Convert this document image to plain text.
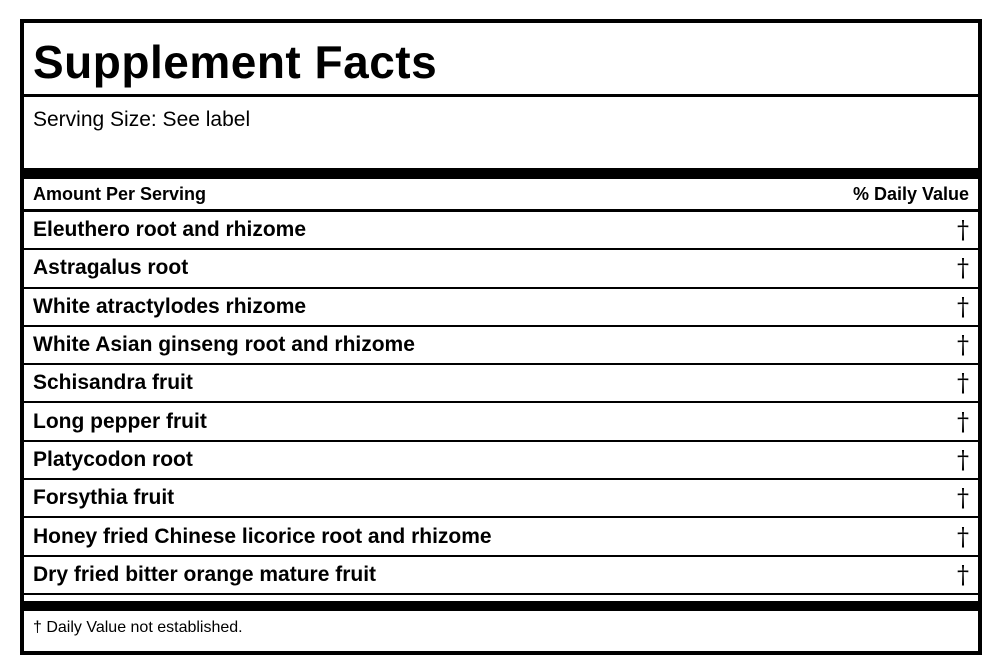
Supplement Facts
Serving Size: See label
Amount Per Serving	% Daily Value
Eleuthero root and rhizome	†
Astragalus root	†
White atractylodes rhizome	†
White Asian ginseng root and rhizome	†
Schisandra fruit	†
Long pepper fruit	†
Platycodon root	†
Forsythia fruit	†
Honey fried Chinese licorice root and rhizome	†
Dry fried bitter orange mature fruit	†
† Daily Value not established.
